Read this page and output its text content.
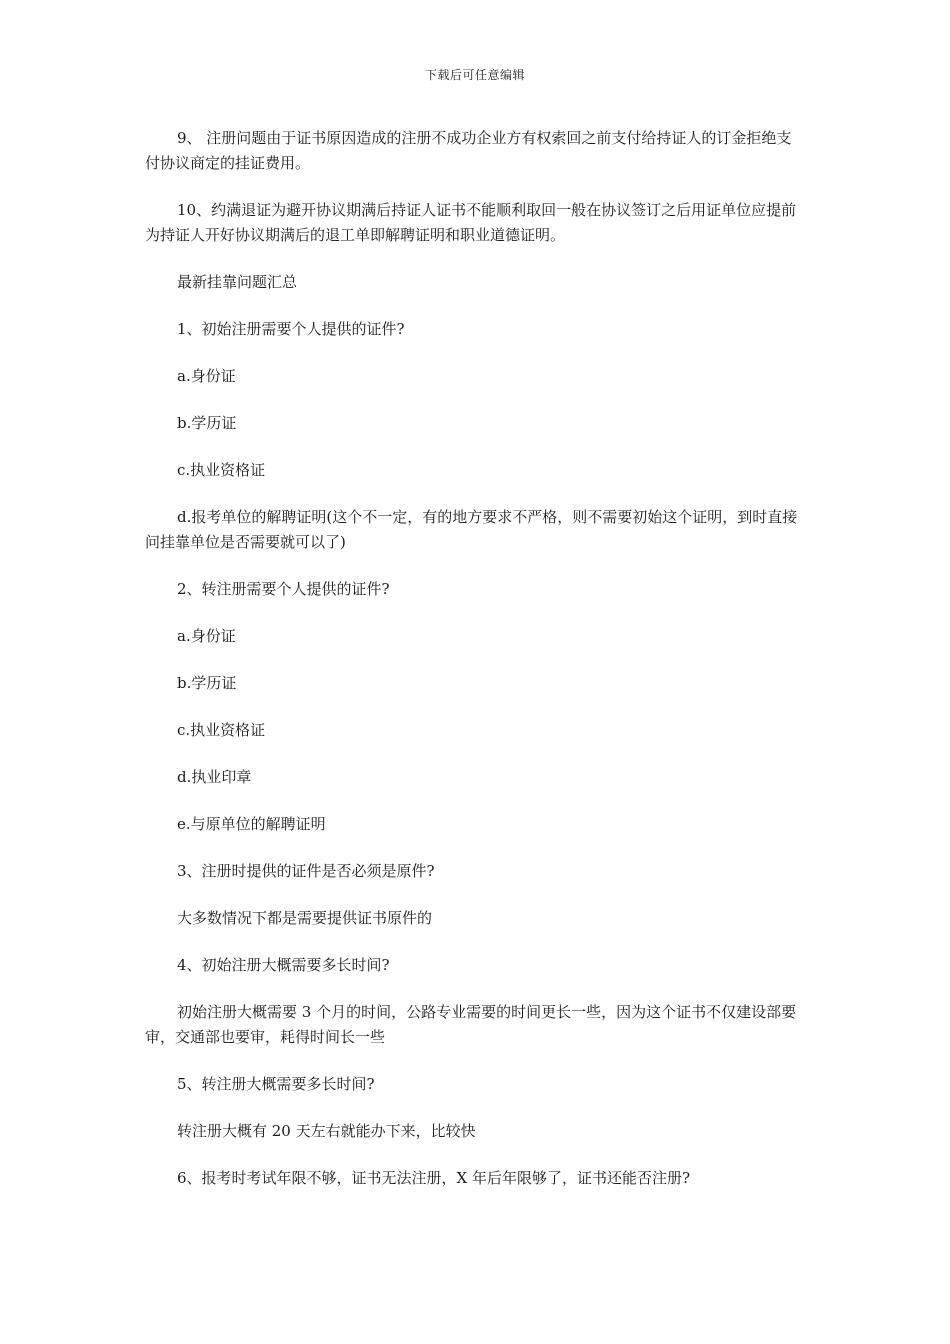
下载后可任意编辑

9、 注册问题由于证书原因造成的注册不成功企业方有权索回之前支付给持证人的订金拒绝支付协议商定的挂证费用。

10、约满退证为避开协议期满后持证人证书不能顺利取回一般在协议签订之后用证单位应提前为持证人开好协议期满后的退工单即解聘证明和职业道德证明。

最新挂靠问题汇总

1、初始注册需要个人提供的证件?

a.身份证

b.学历证

c.执业资格证

d.报考单位的解聘证明(这个不一定，有的地方要求不严格，则不需要初始这个证明，到时直接问挂靠单位是否需要就可以了)

2、转注册需要个人提供的证件?

a.身份证

b.学历证

c.执业资格证

d.执业印章

e.与原单位的解聘证明

3、注册时提供的证件是否必须是原件?

大多数情况下都是需要提供证书原件的

4、初始注册大概需要多长时间?

初始注册大概需要 3 个月的时间，公路专业需要的时间更长一些，因为这个证书不仅建设部要审，交通部也要审，耗得时间长一些

5、转注册大概需要多长时间?

转注册大概有 20 天左右就能办下来，比较快

6、报考时考试年限不够，证书无法注册，X 年后年限够了，证书还能否注册?
